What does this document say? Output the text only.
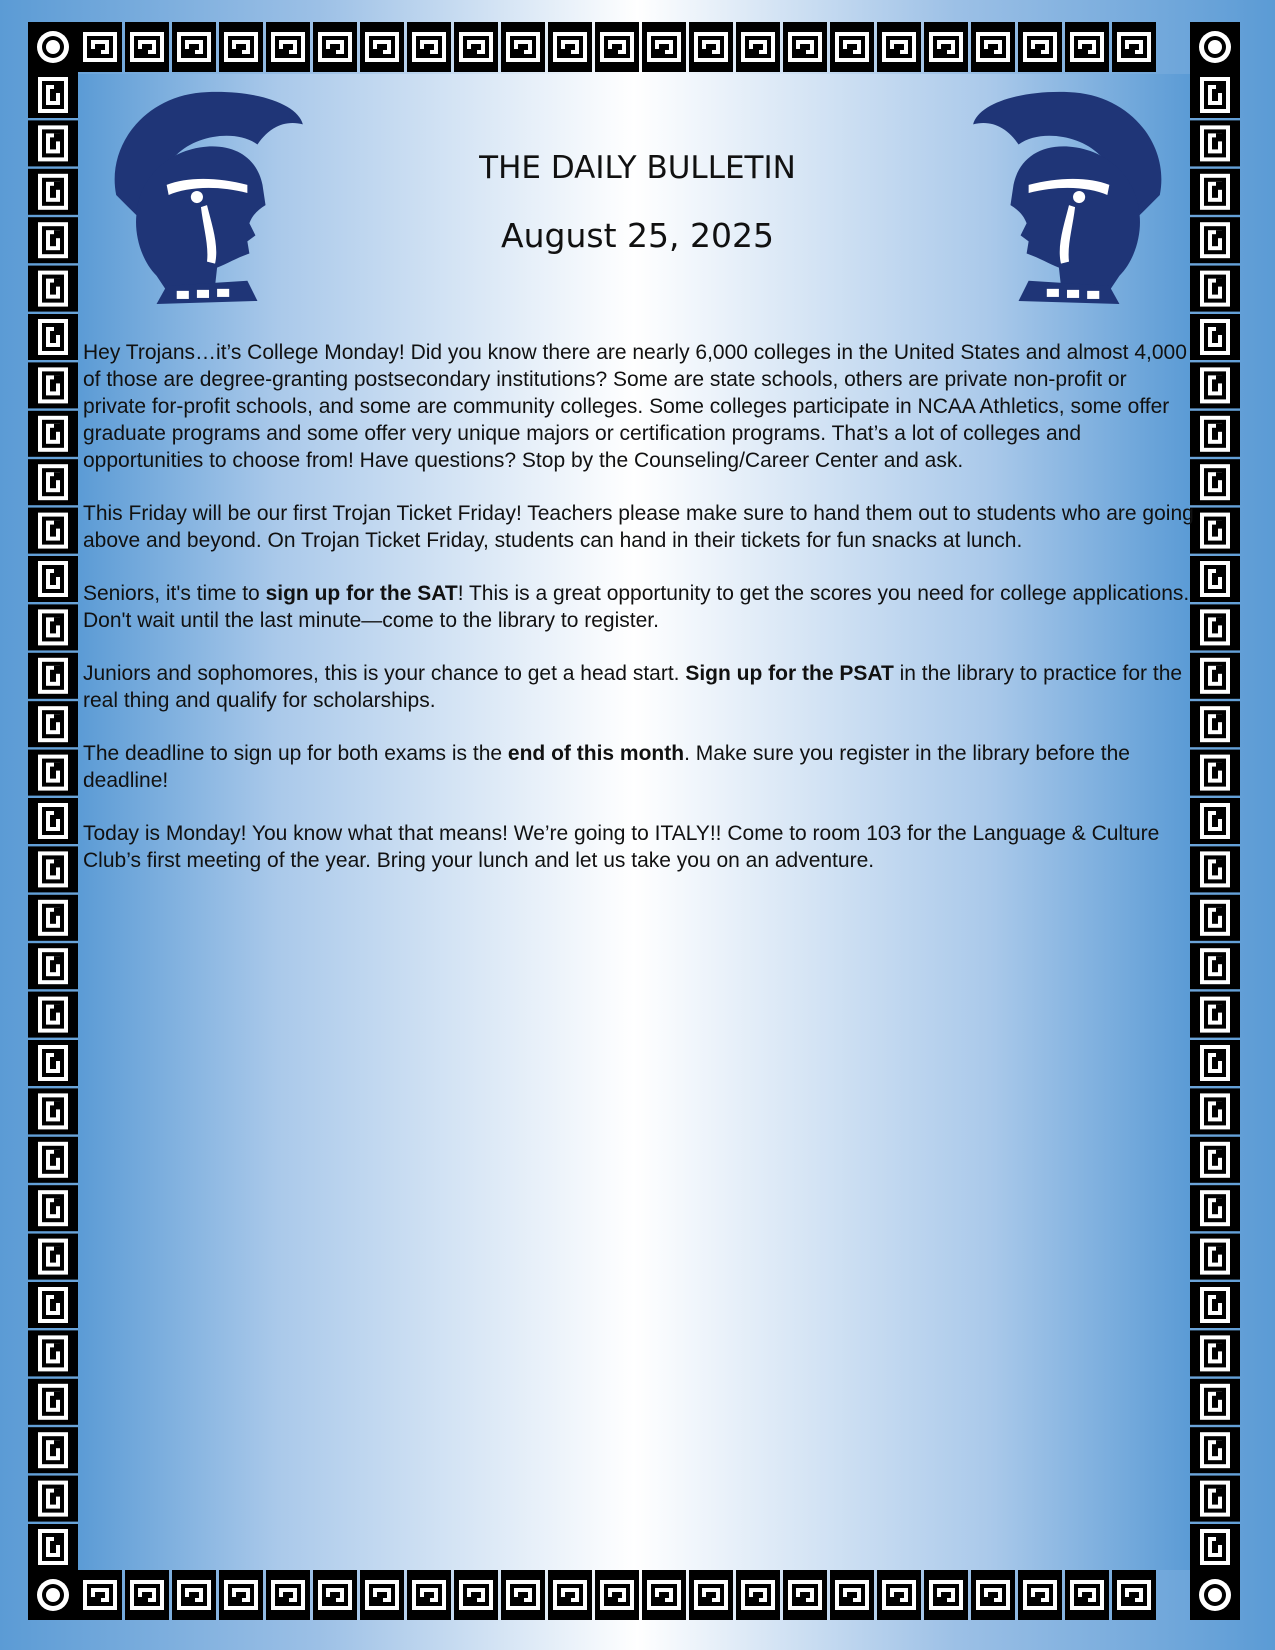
THE DAILY BULLETIN
August 25, 2025

Hey Trojans…it’s College Monday! Did you know there are nearly 6,000 colleges in the United States and almost 4,000 of those are degree-granting postsecondary institutions? Some are state schools, others are private non-profit or private for-profit schools, and some are community colleges. Some colleges participate in NCAA Athletics, some offer graduate programs and some offer very unique majors or certification programs. That’s a lot of colleges and opportunities to choose from! Have questions? Stop by the Counseling/Career Center and ask.

This Friday will be our first Trojan Ticket Friday! Teachers please make sure to hand them out to students who are going above and beyond. On Trojan Ticket Friday, students can hand in their tickets for fun snacks at lunch.

Seniors, it's time to sign up for the SAT! This is a great opportunity to get the scores you need for college applications. Don't wait until the last minute—come to the library to register.

Juniors and sophomores, this is your chance to get a head start. Sign up for the PSAT in the library to practice for the real thing and qualify for scholarships.

The deadline to sign up for both exams is the end of this month. Make sure you register in the library before the deadline!

Today is Monday! You know what that means! We’re going to ITALY!! Come to room 103 for the Language & Culture Club’s first meeting of the year. Bring your lunch and let us take you on an adventure.
